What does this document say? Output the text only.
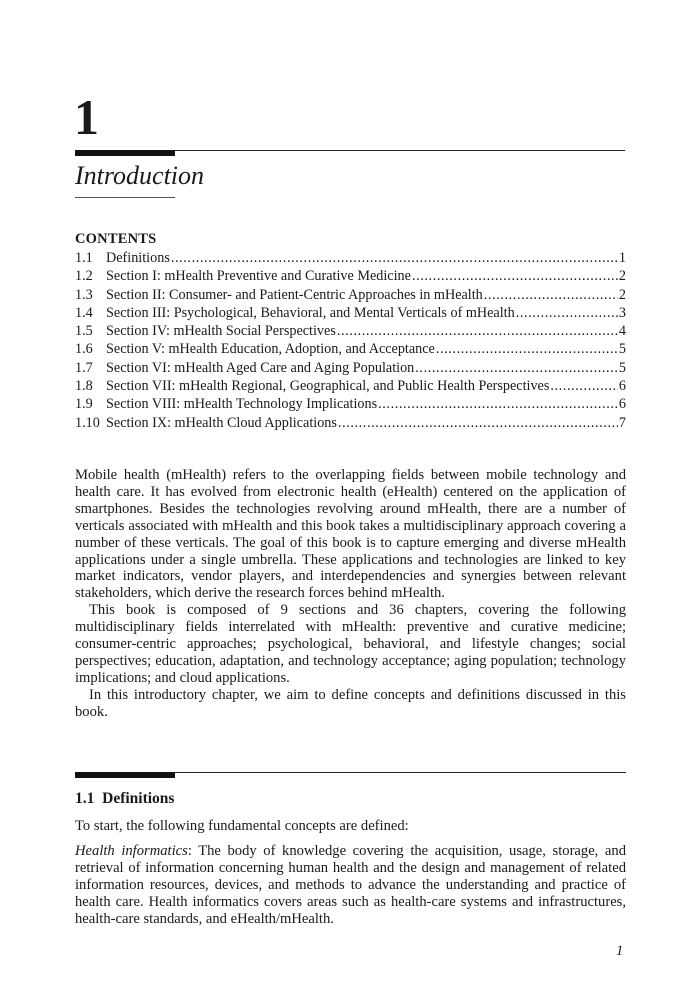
1
Introduction
CONTENTS
1.1 Definitions .....	1
1.2 Section I: mHealth Preventive and Curative Medicine .....	2
1.3 Section II: Consumer- and Patient-Centric Approaches in mHealth .....	2
1.4 Section III: Psychological, Behavioral, and Mental Verticals of mHealth .....	3
1.5 Section IV: mHealth Social Perspectives .....	4
1.6 Section V: mHealth Education, Adoption, and Acceptance .....	5
1.7 Section VI: mHealth Aged Care and Aging Population .....	5
1.8 Section VII: mHealth Regional, Geographical, and Public Health Perspectives .....	6
1.9 Section VIII: mHealth Technology Implications .....	6
1.10 Section IX: mHealth Cloud Applications .....	7

Mobile health (mHealth) refers to the overlapping fields between mobile technology and health care. It has evolved from electronic health (eHealth) centered on the application of smartphones. Besides the technologies revolving around mHealth, there are a number of verticals associated with mHealth and this book takes a multidisciplinary approach covering a number of these verticals. The goal of this book is to capture emerging and diverse mHealth applications under a single umbrella. These applications and technologies are linked to key market indicators, vendor players, and interdependencies and synergies between relevant stakeholders, which derive the research forces behind mHealth.

This book is composed of 9 sections and 36 chapters, covering the following multidisciplinary fields interrelated with mHealth: preventive and curative medicine; consumer-centric approaches; psychological, behavioral, and lifestyle changes; social perspectives; education, adaptation, and technology acceptance; aging population; technology implications; and cloud applications.

In this introductory chapter, we aim to define concepts and definitions discussed in this book.

1.1  Definitions

To start, the following fundamental concepts are defined:

Health informatics: The body of knowledge covering the acquisition, usage, storage, and retrieval of information concerning human health and the design and management of related information resources, devices, and methods to advance the understanding and practice of health care. Health informatics covers areas such as health-care systems and infrastructures, health-care standards, and eHealth/mHealth.

1
